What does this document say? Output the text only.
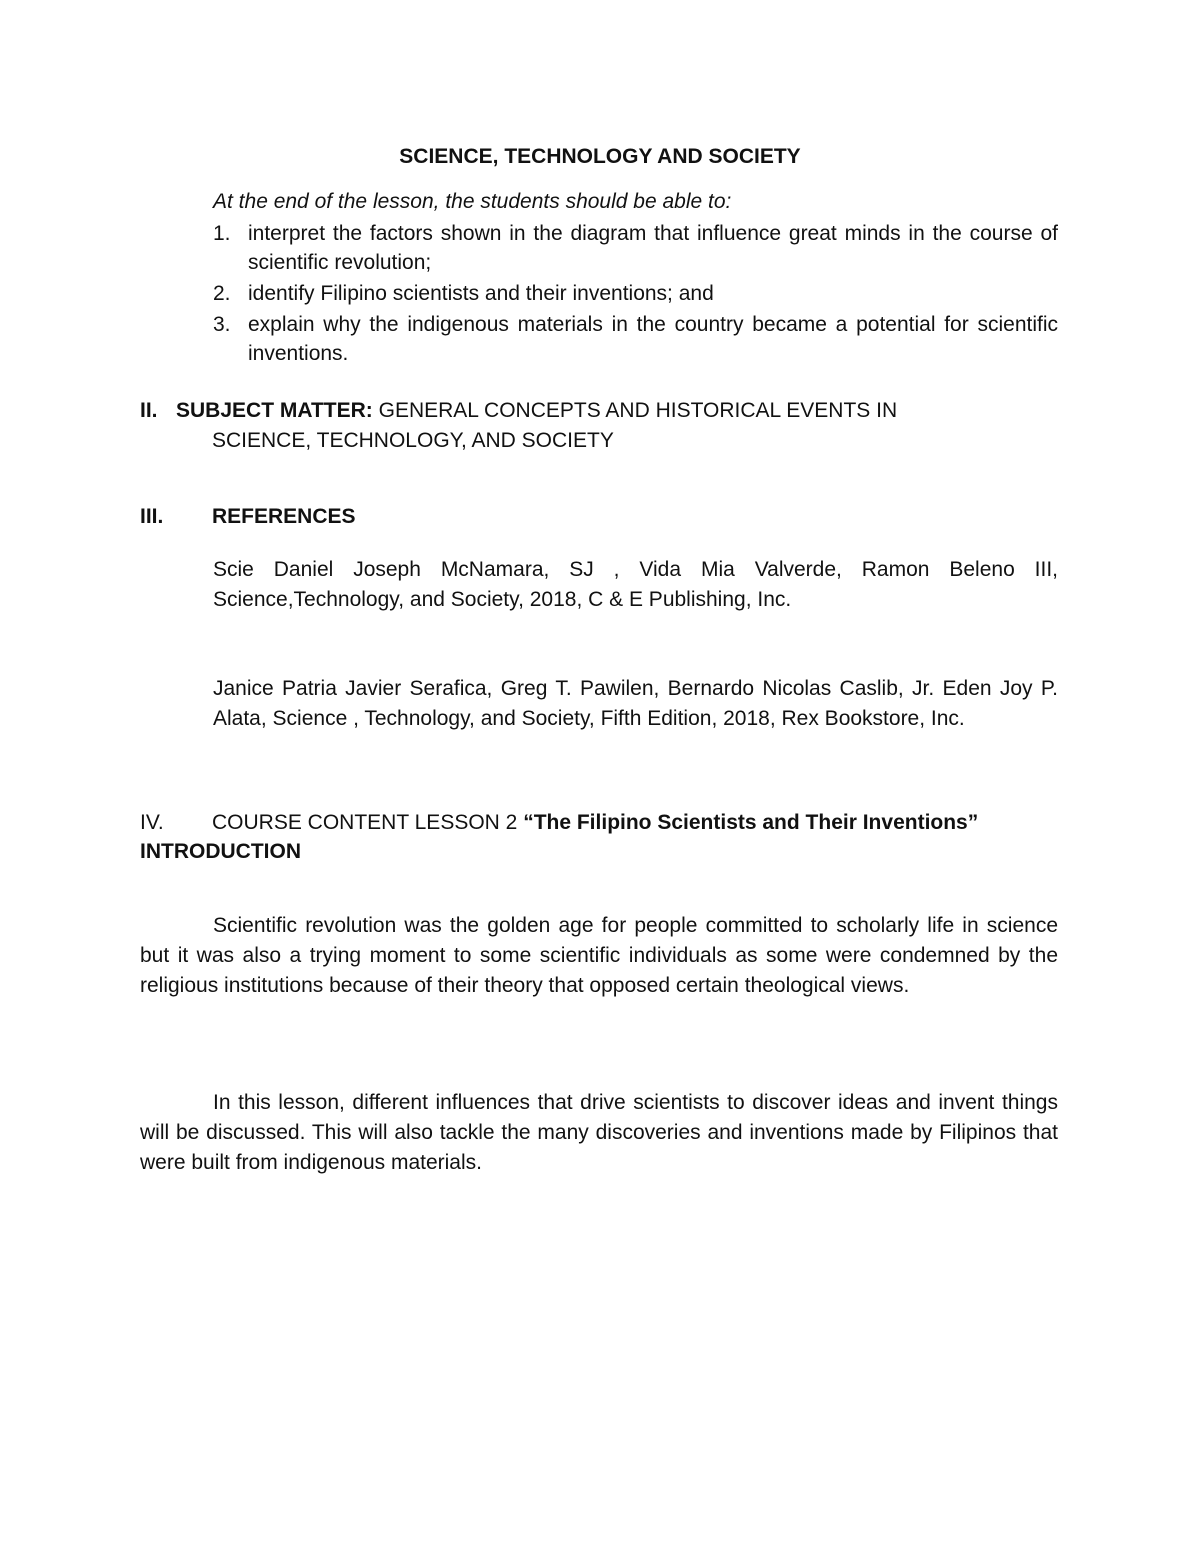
SCIENCE, TECHNOLOGY AND SOCIETY
At the end of the lesson, the students should be able to:
1. interpret the factors shown in the diagram that influence great minds in the course of scientific revolution;
2. identify Filipino scientists and their inventions; and
3. explain why the indigenous materials in the country became a potential for scientific inventions.
II. SUBJECT MATTER: GENERAL CONCEPTS AND HISTORICAL EVENTS IN
SCIENCE, TECHNOLOGY, AND SOCIETY
III. REFERENCES
Scie Daniel Joseph McNamara, SJ , Vida Mia Valverde, Ramon Beleno III, Science,Technology, and Society, 2018, C & E Publishing, Inc.
Janice Patria Javier Serafica, Greg T. Pawilen, Bernardo Nicolas Caslib, Jr. Eden Joy P. Alata, Science , Technology, and Society, Fifth Edition, 2018, Rex Bookstore, Inc.
IV. COURSE CONTENT LESSON 2 “The Filipino Scientists and Their Inventions”
INTRODUCTION
Scientific revolution was the golden age for people committed to scholarly life in science but it was also a trying moment to some scientific individuals as some were condemned by the religious institutions because of their theory that opposed certain theological views.
In this lesson, different influences that drive scientists to discover ideas and invent things will be discussed. This will also tackle the many discoveries and inventions made by Filipinos that were built from indigenous materials.
